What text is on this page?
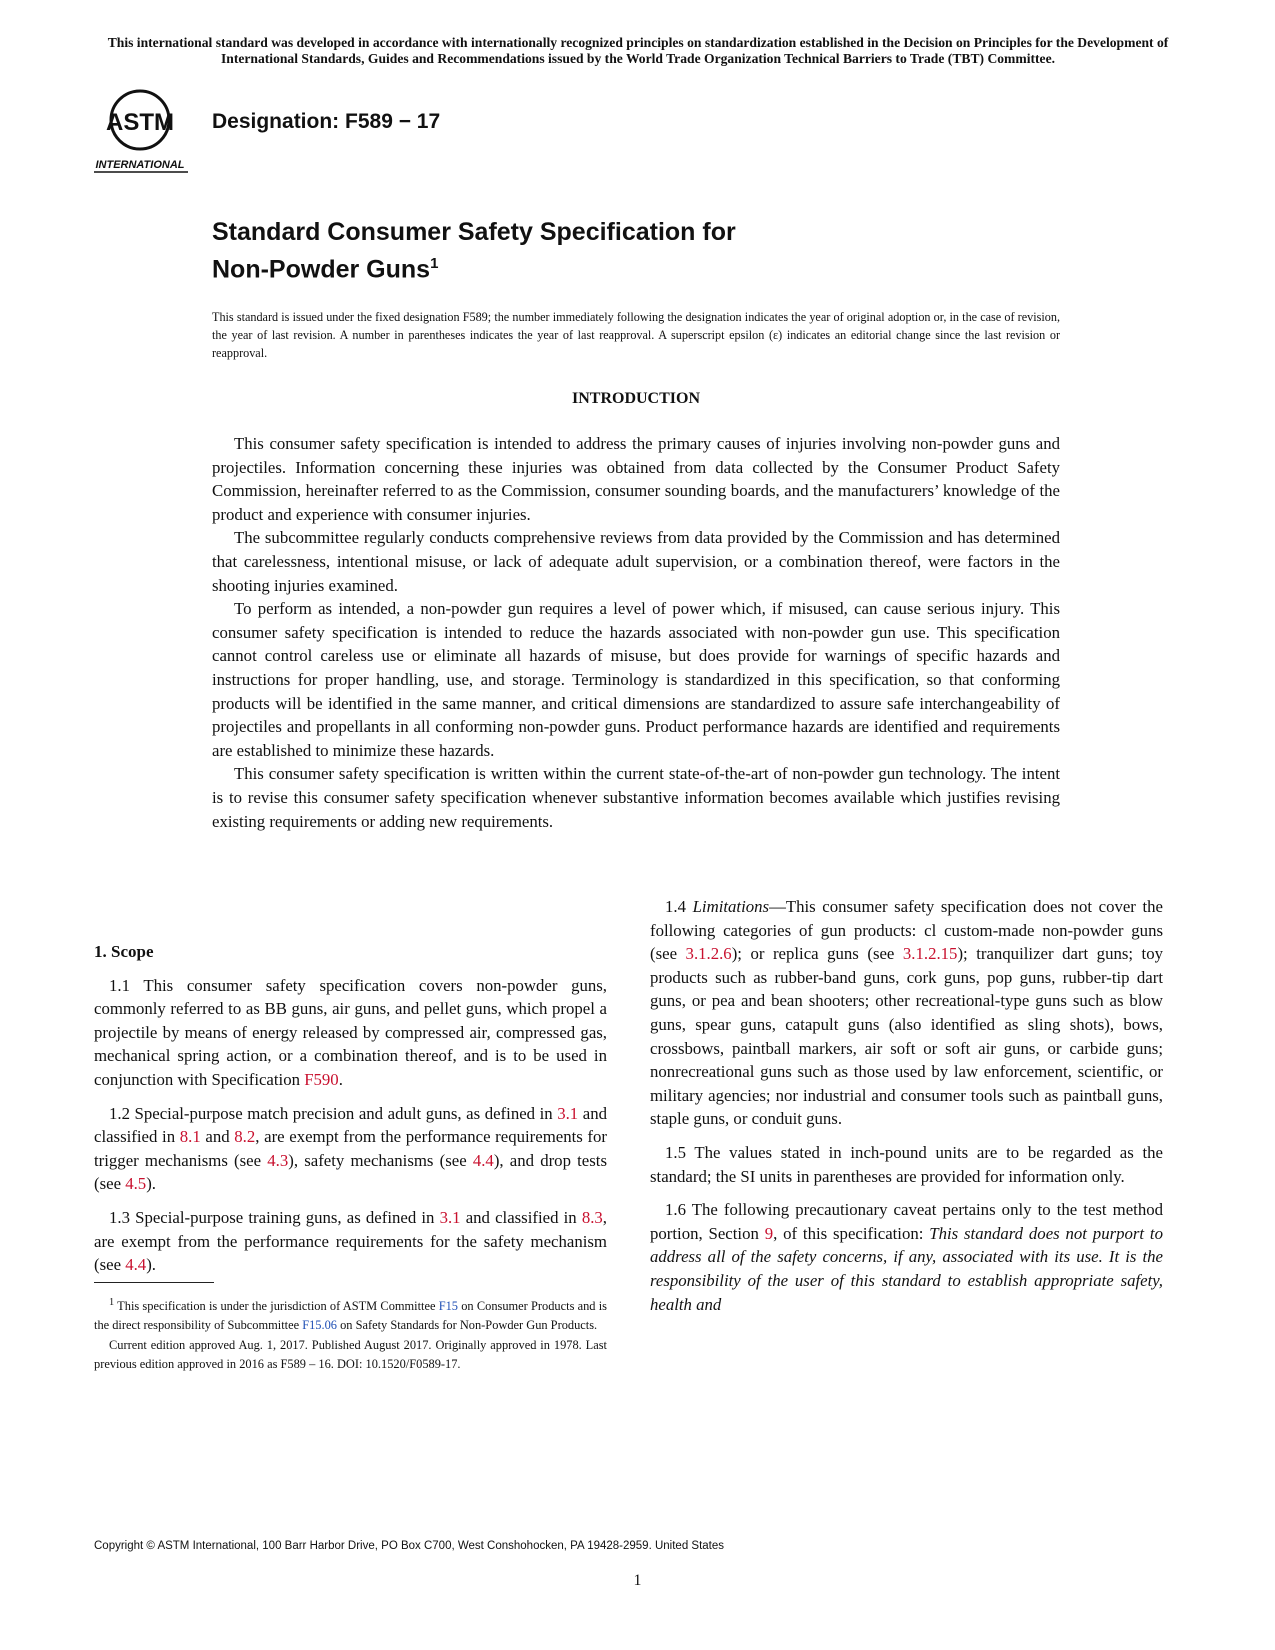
This international standard was developed in accordance with internationally recognized principles on standardization established in the Decision on Principles for the Development of International Standards, Guides and Recommendations issued by the World Trade Organization Technical Barriers to Trade (TBT) Committee.
ASTM
INTERNATIONAL
Designation: F589 − 17
Standard Consumer Safety Specification for
Non-Powder Guns$^1$
This standard is issued under the fixed designation F589; the number immediately following the designation indicates the year of original adoption or, in the case of revision, the year of last revision. A number in parentheses indicates the year of last reapproval. A superscript epsilon (ε) indicates an editorial change since the last revision or reapproval.
INTRODUCTION

This consumer safety specification is intended to address the primary causes of injuries involving non-powder guns and projectiles. Information concerning these injuries was obtained from data collected by the Consumer Product Safety Commission, hereinafter referred to as the Commission, consumer sounding boards, and the manufacturers’ knowledge of the product and experience with consumer injuries.

The subcommittee regularly conducts comprehensive reviews from data provided by the Commission and has determined that carelessness, intentional misuse, or lack of adequate adult supervision, or a combination thereof, were factors in the shooting injuries examined.

To perform as intended, a non-powder gun requires a level of power which, if misused, can cause serious injury. This consumer safety specification is intended to reduce the hazards associated with non-powder gun use. This specification cannot control careless use or eliminate all hazards of misuse, but does provide for warnings of specific hazards and instructions for proper handling, use, and storage. Terminology is standardized in this specification, so that conforming products will be identified in the same manner, and critical dimensions are standardized to assure safe interchangeability of projectiles and propellants in all conforming non-powder guns. Product performance hazards are identified and requirements are established to minimize these hazards.

This consumer safety specification is written within the current state-of-the-art of non-powder gun technology. The intent is to revise this consumer safety specification whenever substantive information becomes available which justifies revising existing requirements or adding new requirements.

1. Scope

1.1 This consumer safety specification covers non-powder guns, commonly referred to as BB guns, air guns, and pellet guns, which propel a projectile by means of energy released by compressed air, compressed gas, mechanical spring action, or a combination thereof, and is to be used in conjunction with Specification F590.

1.2 Special-purpose match precision and adult guns, as defined in 3.1 and classified in 8.1 and 8.2, are exempt from the performance requirements for trigger mechanisms (see 4.3), safety mechanisms (see 4.4), and drop tests (see 4.5).

1.3 Special-purpose training guns, as defined in 3.1 and classified in 8.3, are exempt from the performance requirements for the safety mechanism (see 4.4).

$^1$ This specification is under the jurisdiction of ASTM Committee F15 on Consumer Products and is the direct responsibility of Subcommittee F15.06 on Safety Standards for Non-Powder Gun Products.

Current edition approved Aug. 1, 2017. Published August 2017. Originally approved in 1978. Last previous edition approved in 2016 as F589 – 16. DOI: 10.1520/F0589-17.

1.4 Limitations—This consumer safety specification does not cover the following categories of gun products: cl custom-made non-powder guns (see 3.1.2.6); or replica guns (see 3.1.2.15); tranquilizer dart guns; toy products such as rubber-band guns, cork guns, pop guns, rubber-tip dart guns, or pea and bean shooters; other recreational-type guns such as blow guns, spear guns, catapult guns (also identified as sling shots), bows, crossbows, paintball markers, air soft or soft air guns, or carbide guns; nonrecreational guns such as those used by law enforcement, scientific, or military agencies; nor industrial and consumer tools such as paintball guns, staple guns, or conduit guns.

1.5 The values stated in inch-pound units are to be regarded as the standard; the SI units in parentheses are provided for information only.

1.6 The following precautionary caveat pertains only to the test method portion, Section 9, of this specification: This standard does not purport to address all of the safety concerns, if any, associated with its use. It is the responsibility of the user of this standard to establish appropriate safety, health and

Copyright © ASTM International, 100 Barr Harbor Drive, PO Box C700, West Conshohocken, PA 19428-2959. United States
1
